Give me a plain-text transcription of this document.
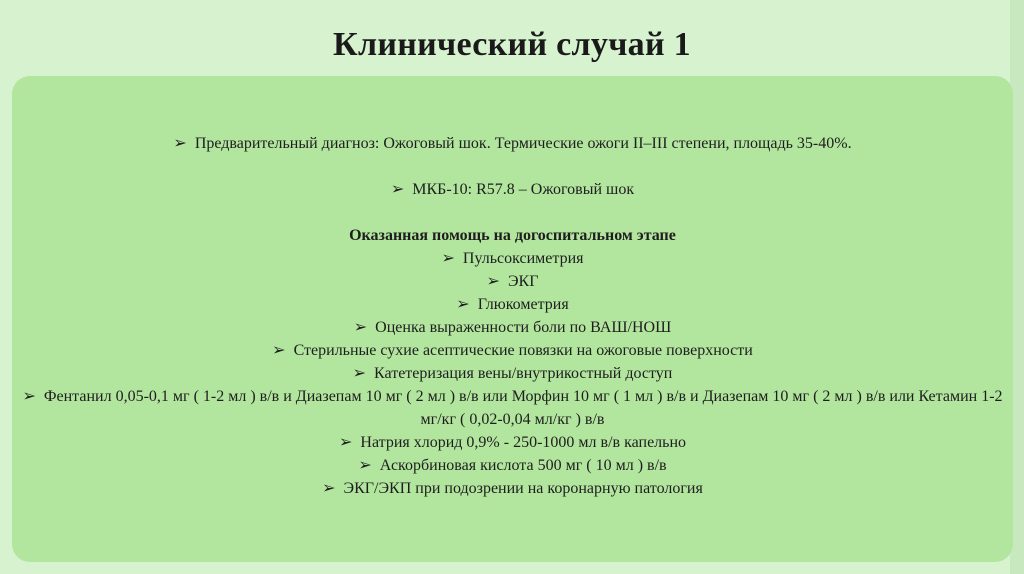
Клинический случай 1
➢ Предварительный диагноз: Ожоговый шок. Термические ожоги II–III степени, площадь 35-40%.
➢ МКБ-10: R57.8 – Ожоговый шок
Оказанная помощь на догоспитальном этапе
➢ Пульсоксиметрия
➢ ЭКГ
➢ Глюкометрия
➢ Оценка выраженности боли по ВАШ/НОШ
➢ Стерильные сухие асептические повязки на ожоговые поверхности
➢ Катетеризация вены/внутрикостный доступ
➢ Фентанил 0,05-0,1 мг ( 1-2 мл ) в/в и Диазепам 10 мг ( 2 мл ) в/в или Морфин 10 мг ( 1 мл ) в/в и Диазепам 10 мг ( 2 мл ) в/в или Кетамин 1-2 мг/кг ( 0,02-0,04 мл/кг ) в/в
➢ Натрия хлорид 0,9% - 250-1000 мл в/в капельно
➢ Аскорбиновая кислота 500 мг ( 10 мл ) в/в
➢ ЭКГ/ЭКП при подозрении на коронарную патология
